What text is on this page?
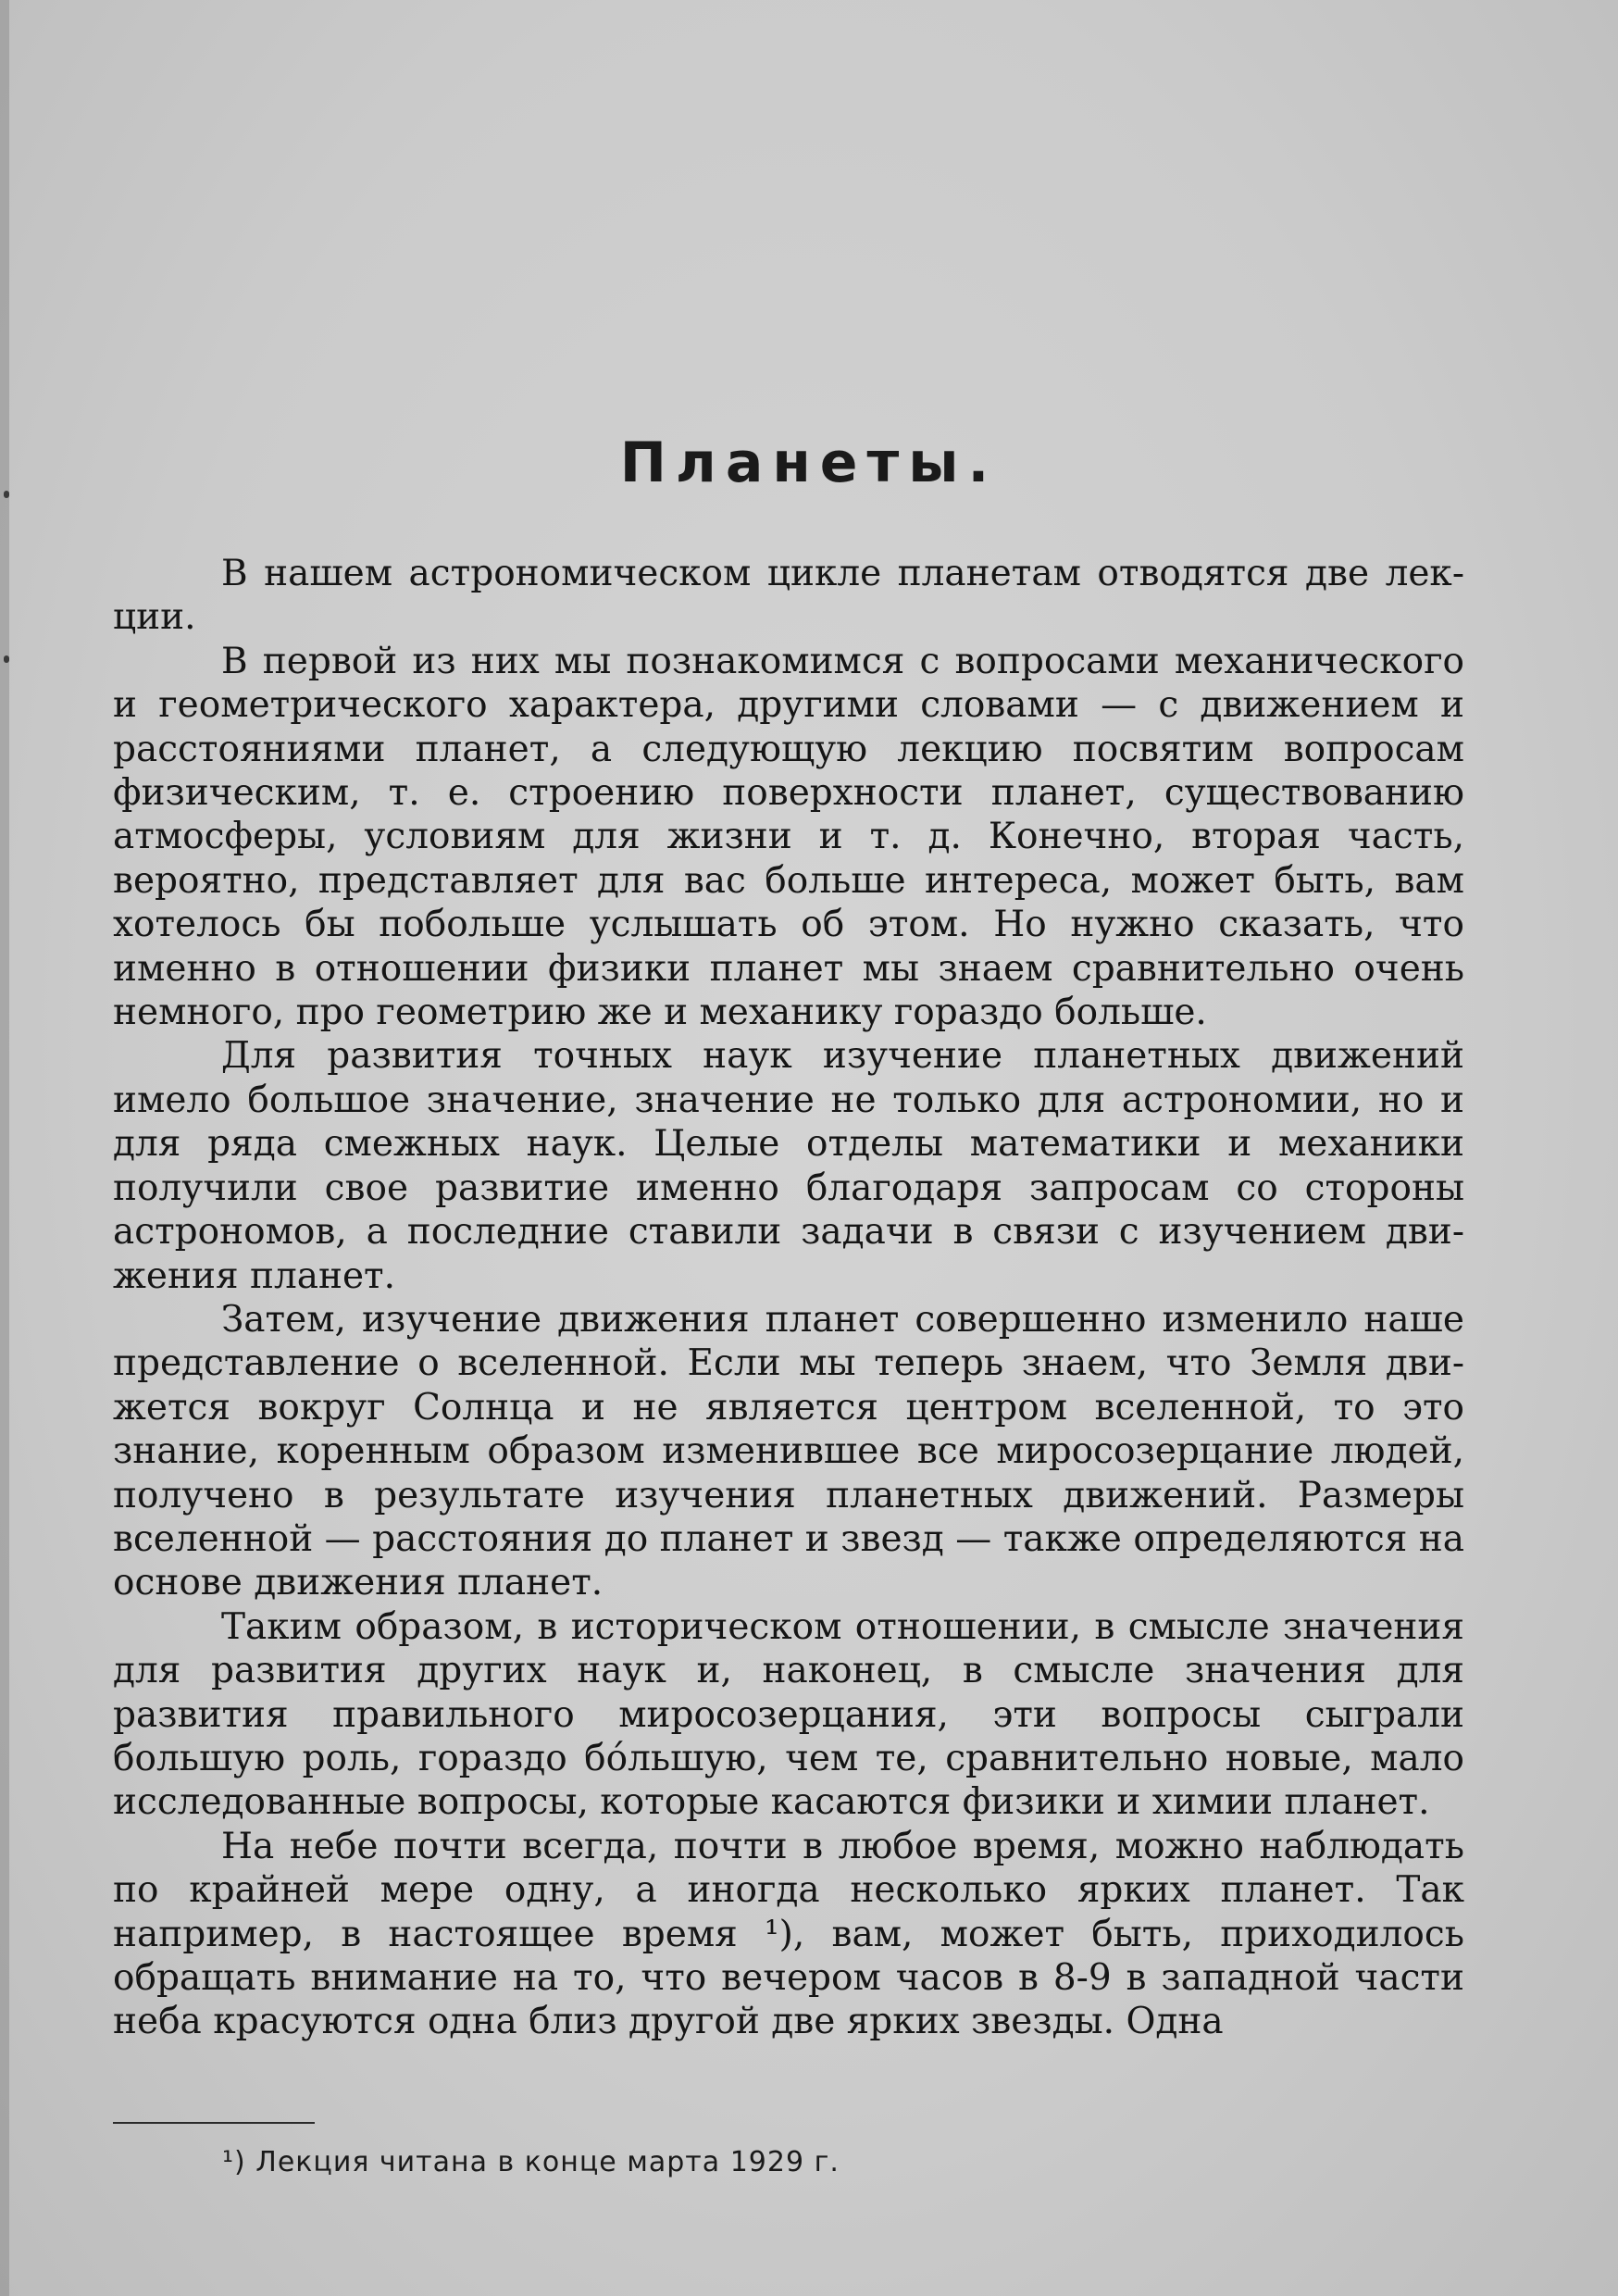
Планеты.

В нашем астрономическом цикле планетам отводятся две лекции.

В первой из них мы познакомимся с вопросами механического и геометрического характера, другими словами — с движением и расстояниями планет, а следующую лекцию посвятим вопросам физическим, т. е. строению поверхности планет, существованию атмосферы, условиям для жизни и т. д. Конечно, вторая часть, вероятно, представляет для вас больше интереса, может быть, вам хотелось бы побольше услышать об этом. Но нужно сказать, что именно в отношении физики планет мы знаем сравнительно очень немного, про геометрию же и механику гораздо больше.

Для развития точных наук изучение планетных движений имело большое значение, значение не только для астрономии, но и для ряда смежных наук. Целые отделы математики и механики получили свое развитие именно благодаря запросам со стороны астрономов, а последние ставили задачи в связи с изучением движения планет.

Затем, изучение движения планет совершенно изменило наше представление о вселенной. Если мы теперь знаем, что Земля движется вокруг Солнца и не является центром вселенной, то это знание, коренным образом изменившее все миросозерцание людей, получено в результате изучения планетных движений. Размеры вселенной — расстояния до планет и звезд — также определяются на основе движения планет.

Таким образом, в историческом отношении, в смысле значения для развития других наук и, наконец, в смысле значения для развития правильного миросозерцания, эти вопросы сыграли большую роль, гораздо бо́льшую, чем те, сравнительно новые, мало исследованные вопросы, которые касаются физики и химии планет.

На небе почти всегда, почти в любое время, можно наблюдать по крайней мере одну, а иногда несколько ярких планет. Так например, в настоящее время ¹), вам, может быть, приходилось обращать внимание на то, что вечером часов в 8-9 в западной части неба красуются одна близ другой две ярких звезды. Одна

¹) Лекция читана в конце марта 1929 г.
